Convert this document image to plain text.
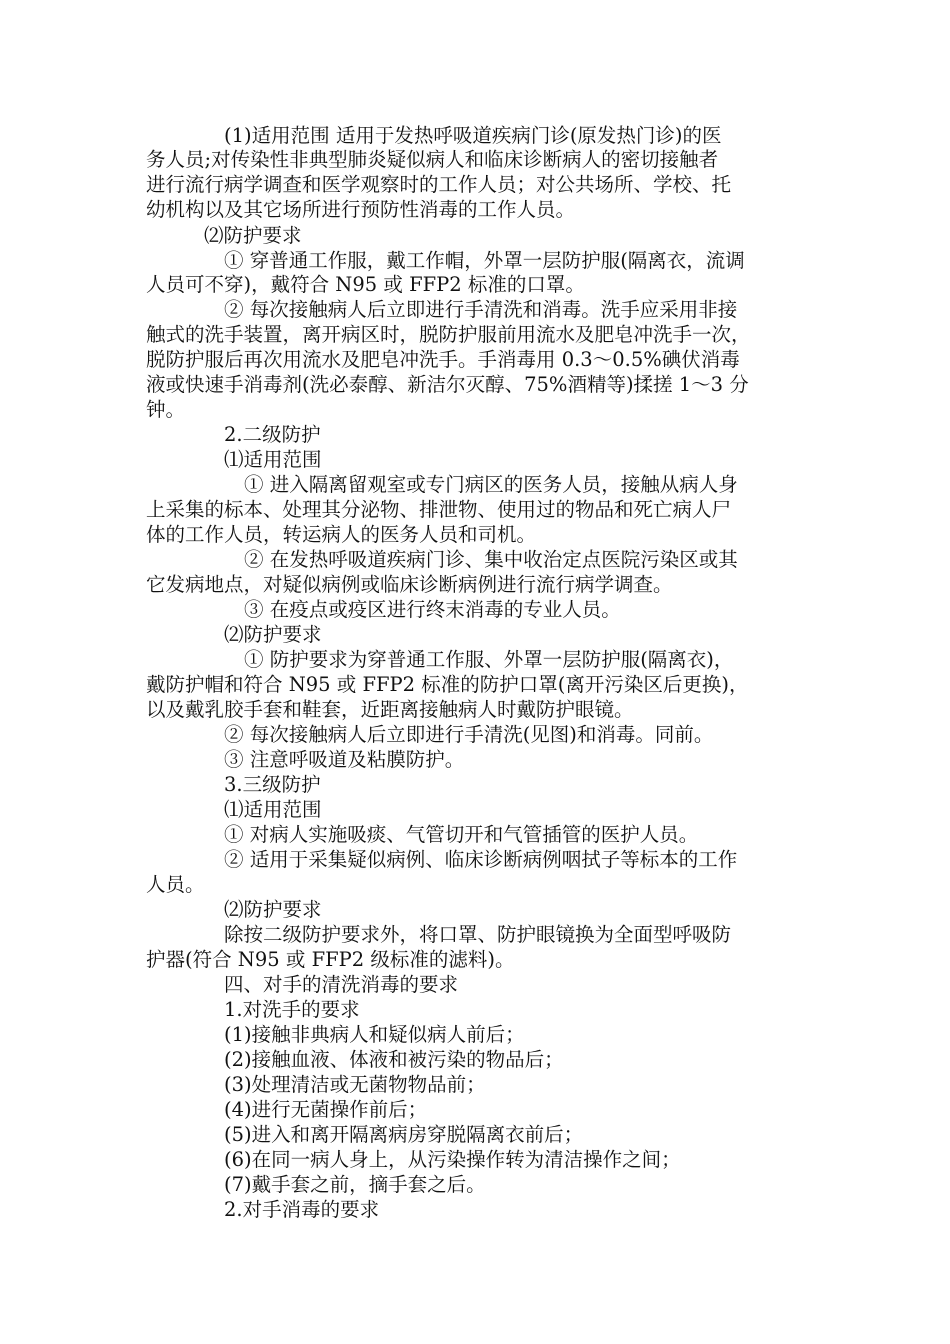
(1)适用范围 适用于发热呼吸道疾病门诊(原发热门诊)的医
务人员;对传染性非典型肺炎疑似病人和临床诊断病人的密切接触者
进行流行病学调查和医学观察时的工作人员；对公共场所、学校、托
幼机构以及其它场所进行预防性消毒的工作人员。
⑵防护要求
① 穿普通工作服，戴工作帽，外罩一层防护服(隔离衣，流调
人员可不穿)，戴符合 N95 或 FFP2 标准的口罩。
② 每次接触病人后立即进行手清洗和消毒。洗手应采用非接
触式的洗手装置，离开病区时，脱防护服前用流水及肥皂冲洗手一次，
脱防护服后再次用流水及肥皂冲洗手。手消毒用 0.3～0.5%碘伏消毒
液或快速手消毒剂(洗必泰醇、新洁尔灭醇、75%酒精等)揉搓 1～3 分
钟。
2.二级防护
⑴适用范围
① 进入隔离留观室或专门病区的医务人员，接触从病人身
上采集的标本、处理其分泌物、排泄物、使用过的物品和死亡病人尸
体的工作人员，转运病人的医务人员和司机。
② 在发热呼吸道疾病门诊、集中收治定点医院污染区或其
它发病地点，对疑似病例或临床诊断病例进行流行病学调查。
③ 在疫点或疫区进行终末消毒的专业人员。
⑵防护要求
① 防护要求为穿普通工作服、外罩一层防护服(隔离衣)，
戴防护帽和符合 N95 或 FFP2 标准的防护口罩(离开污染区后更换)，
以及戴乳胶手套和鞋套，近距离接触病人时戴防护眼镜。
② 每次接触病人后立即进行手清洗(见图)和消毒。同前。
③ 注意呼吸道及粘膜防护。
3.三级防护
⑴适用范围
① 对病人实施吸痰、气管切开和气管插管的医护人员。
② 适用于采集疑似病例、临床诊断病例咽拭子等标本的工作
人员。
⑵防护要求
除按二级防护要求外，将口罩、防护眼镜换为全面型呼吸防
护器(符合 N95 或 FFP2 级标准的滤料)。
四、对手的清洗消毒的要求
1.对洗手的要求
(1)接触非典病人和疑似病人前后；
(2)接触血液、体液和被污染的物品后；
(3)处理清洁或无菌物物品前；
(4)进行无菌操作前后；
(5)进入和离开隔离病房穿脱隔离衣前后；
(6)在同一病人身上，从污染操作转为清洁操作之间；
(7)戴手套之前，摘手套之后。
2.对手消毒的要求
